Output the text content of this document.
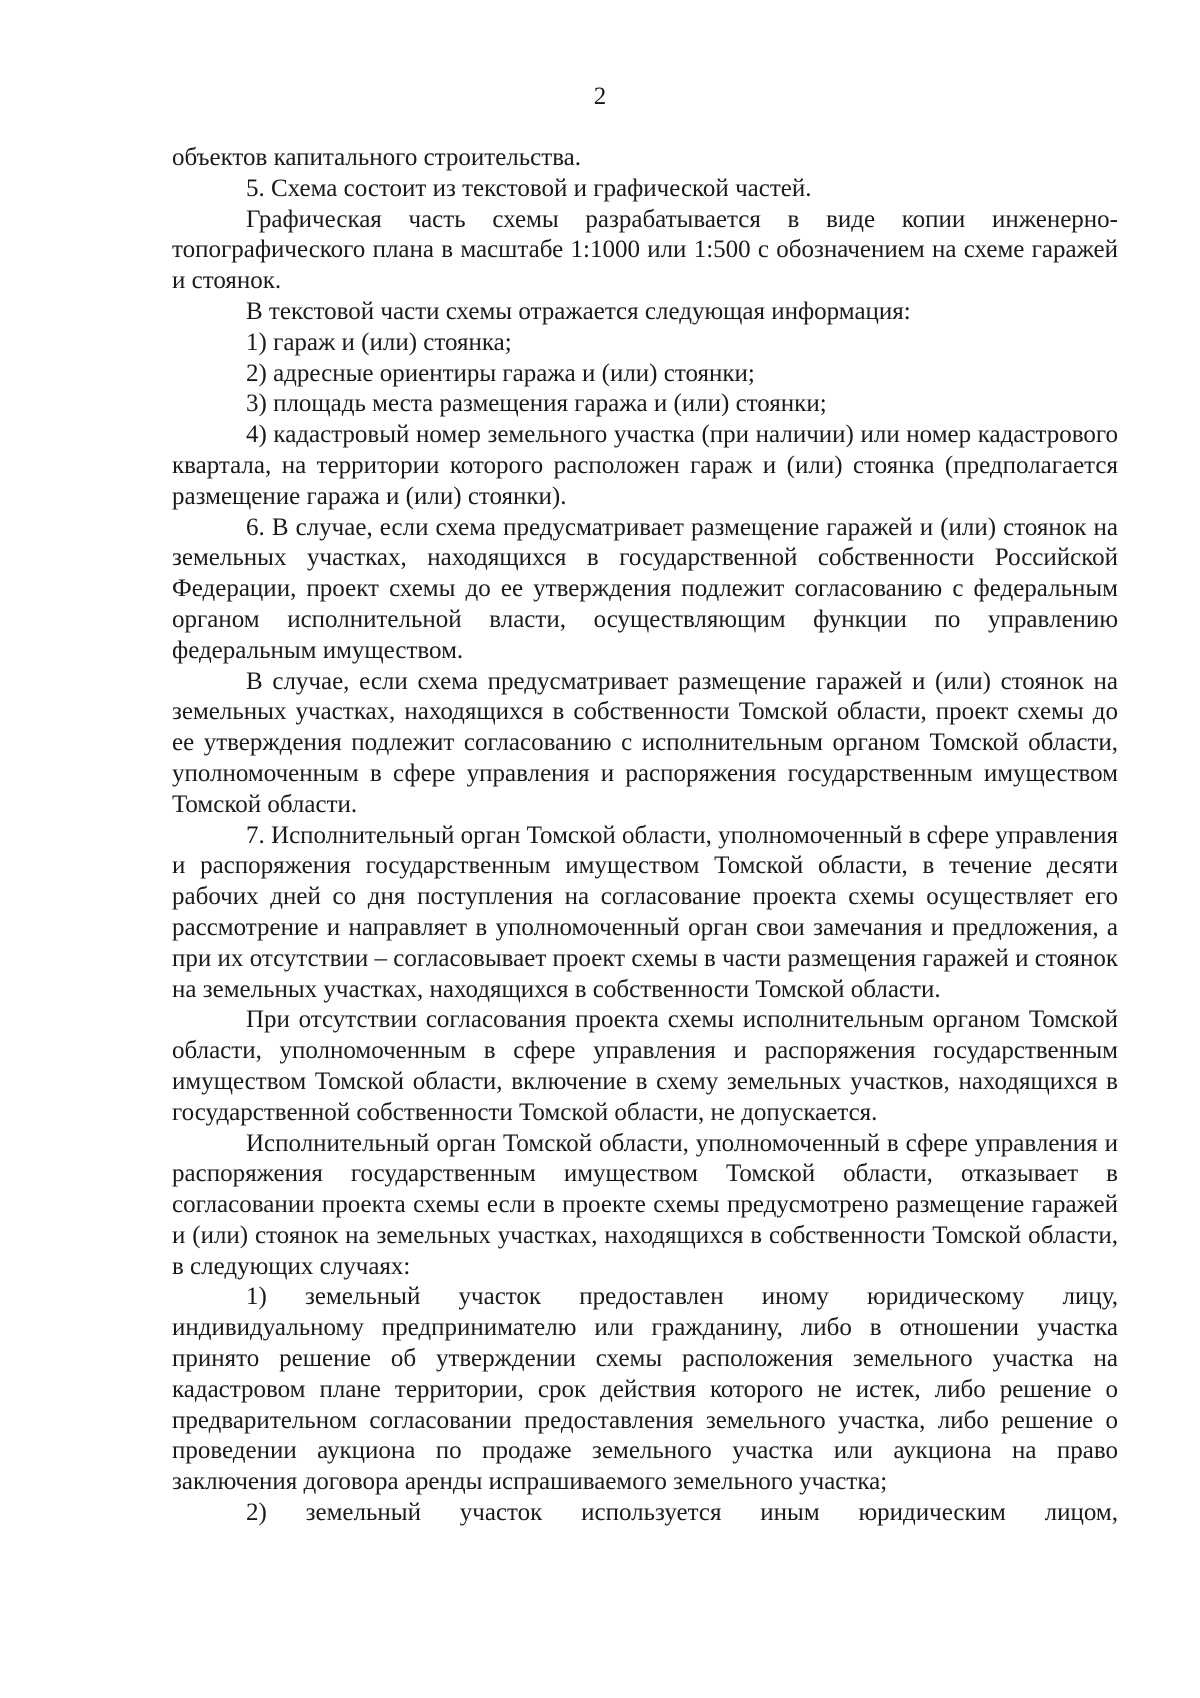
2

объектов капитального строительства.

5. Схема состоит из текстовой и графической частей.

Графическая часть схемы разрабатывается в виде копии инженерно-топографического плана в масштабе 1:1000 или 1:500 с обозначением на схеме гаражей и стоянок.

В текстовой части схемы отражается следующая информация:

1) гараж и (или) стоянка;

2) адресные ориентиры гаража и (или) стоянки;

3) площадь места размещения гаража и (или) стоянки;

4) кадастровый номер земельного участка (при наличии) или номер кадастрового квартала, на территории которого расположен гараж и (или) стоянка (предполагается размещение гаража и (или) стоянки).

6. В случае, если схема предусматривает размещение гаражей и (или) стоянок на земельных участках, находящихся в государственной собственности Российской Федерации, проект схемы до ее утверждения подлежит согласованию с федеральным органом исполнительной власти, осуществляющим функции по управлению федеральным имуществом.

В случае, если схема предусматривает размещение гаражей и (или) стоянок на земельных участках, находящихся в собственности Томской области, проект схемы до ее утверждения подлежит согласованию с исполнительным органом Томской области, уполномоченным в сфере управления и распоряжения государственным имуществом Томской области.

7. Исполнительный орган Томской области, уполномоченный в сфере управления и распоряжения государственным имуществом Томской области, в течение десяти рабочих дней со дня поступления на согласование проекта схемы осуществляет его рассмотрение и направляет в уполномоченный орган свои замечания и предложения, а при их отсутствии – согласовывает проект схемы в части размещения гаражей и стоянок на земельных участках, находящихся в собственности Томской области.

При отсутствии согласования проекта схемы исполнительным органом Томской области, уполномоченным в сфере управления и распоряжения государственным имуществом Томской области, включение в схему земельных участков, находящихся в государственной собственности Томской области, не допускается.

Исполнительный орган Томской области, уполномоченный в сфере управления и распоряжения государственным имуществом Томской области, отказывает в согласовании проекта схемы если в проекте схемы предусмотрено размещение гаражей и (или) стоянок на земельных участках, находящихся в собственности Томской области, в следующих случаях:

1) земельный участок предоставлен иному юридическому лицу, индивидуальному предпринимателю или гражданину, либо в отношении участка принято решение об утверждении схемы расположения земельного участка на кадастровом плане территории, срок действия которого не истек, либо решение о предварительном согласовании предоставления земельного участка, либо решение о проведении аукциона по продаже земельного участка или аукциона на право заключения договора аренды испрашиваемого земельного участка;

2) земельный участок используется иным юридическим лицом,
